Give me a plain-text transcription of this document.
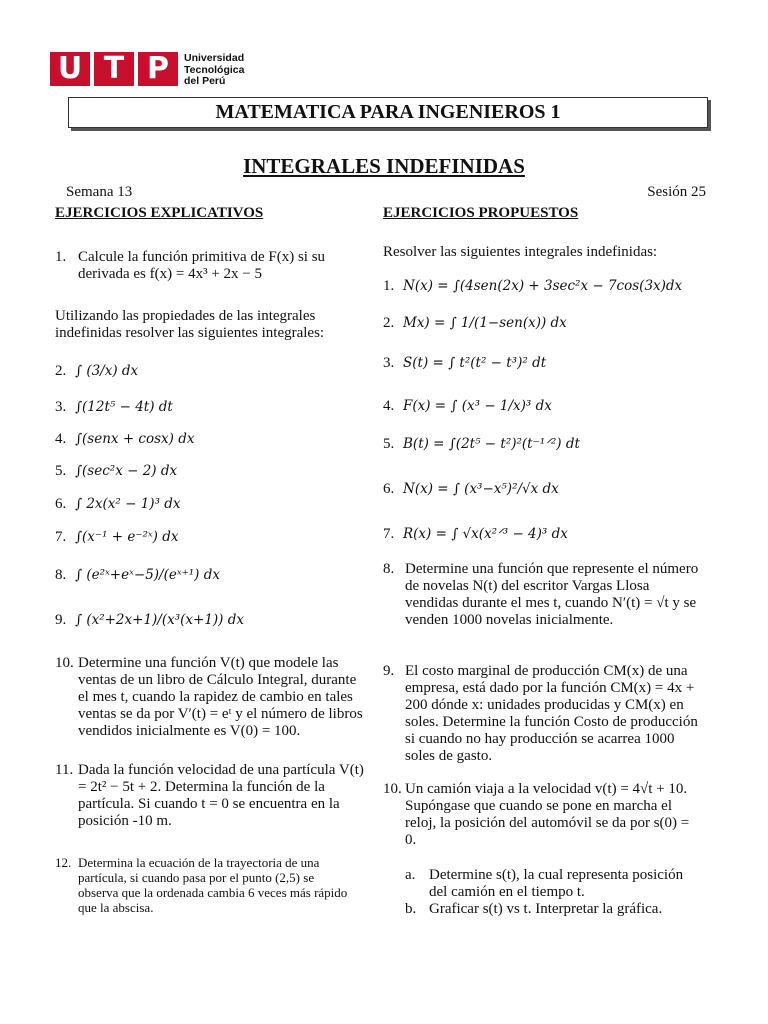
U T P	Universidad
Tecnológica
del Perú
MATEMATICA PARA INGENIEROS 1
INTEGRALES INDEFINIDAS
Semana 13	Sesión 25
EJERCICIOS EXPLICATIVOS
1. Calcule la función primitiva de F(x) si su derivada es f(x) = 4x³ + 2x − 5
Utilizando las propiedades de las integrales indefinidas resolver las siguientes integrales:
2. ∫ (3/x) dx
3. ∫(12t⁵ − 4t) dt
4. ∫(senx + cosx) dx
5. ∫(sec²x − 2) dx
6. ∫ 2x(x² − 1)³ dx
7. ∫(x⁻¹ + e⁻²ˣ) dx
8. ∫ (e²ˣ+eˣ−5)/(eˣ⁺¹) dx
9. ∫ (x²+2x+1)/(x³(x+1)) dx
10. Determine una función V(t) que modele las ventas de un libro de Cálculo Integral, durante el mes t, cuando la rapidez de cambio en tales ventas se da por V′(t) = eᵗ y el número de libros vendidos inicialmente es V(0) = 100.
11. Dada la función velocidad de una partícula V(t) = 2t² − 5t + 2. Determina la función de la partícula. Si cuando t = 0 se encuentra en la posición -10 m.
12. Determina la ecuación de la trayectoria de una partícula, si cuando pasa por el punto (2,5) se observa que la ordenada cambia 6 veces más rápido que la abscisa.
EJERCICIOS PROPUESTOS
Resolver las siguientes integrales indefinidas:
1. N(x) = ∫(4sen(2x) + 3sec²x − 7cos(3x)dx
2. Mx) = ∫ 1/(1−sen(x)) dx
3. S(t) = ∫ t²(t² − t³)² dt
4. F(x) = ∫ (x³ − 1/x)³ dx
5. B(t) = ∫(2t⁵ − t²)²(t⁻¹ᐟ²) dt
6. N(x) = ∫ (x³−x⁵)²/√x dx
7. R(x) = ∫ √x(x²ᐟ³ − 4)³ dx
8. Determine una función que represente el número de novelas N(t) del escritor Vargas Llosa vendidas durante el mes t, cuando N′(t) = √t y se venden 1000 novelas inicialmente.
9. El costo marginal de producción CM(x) de una empresa, está dado por la función CM(x) = 4x + 200 dónde x: unidades producidas y CM(x) en soles. Determine la función Costo de producción si cuando no hay producción se acarrea 1000 soles de gasto.
10. Un camión viaja a la velocidad v(t) = 4√t + 10. Supóngase que cuando se pone en marcha el reloj, la posición del automóvil se da por s(0) = 0.
a. Determine s(t), la cual representa posición del camión en el tiempo t.
b. Graficar s(t) vs t. Interpretar la gráfica.
